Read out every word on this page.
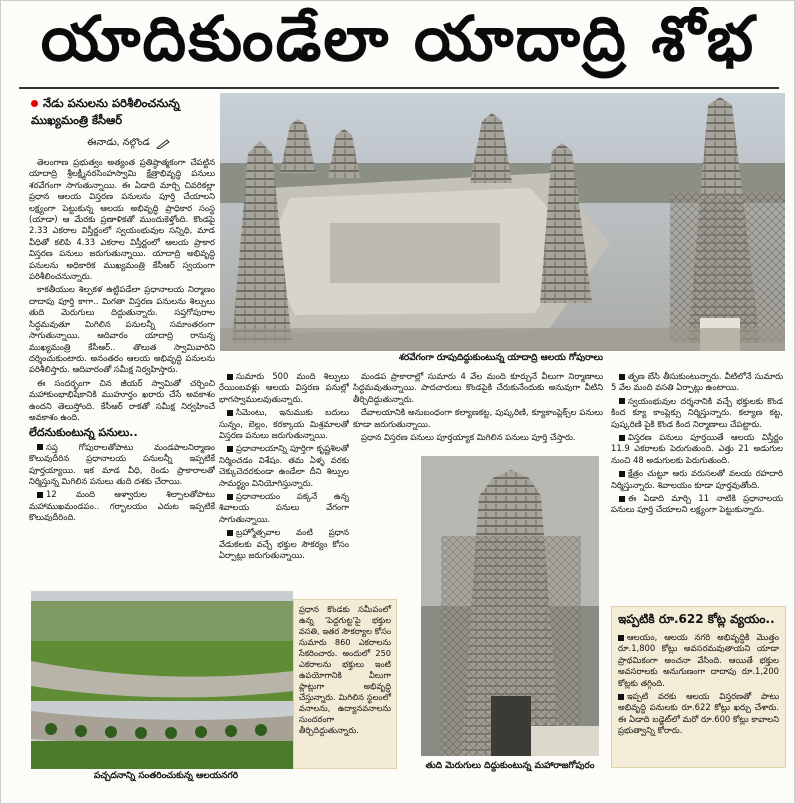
యాదికుండేలా యాదాద్రి శోభ
నేడు పనులను పరిశీలించనున్న ముఖ్యమంత్రి కేసీఆర్
ఈనాడు, నల్గొండ

తెలంగాణ ప్రభుత్వం అత్యంత ప్రతిష్ఠాత్మకంగా చేపట్టిన యాదాద్రి శ్రీలక్ష్మీనరసింహస్వామి క్షేత్రాభివృద్ధి పనులు శరవేగంగా సాగుతున్నాయి. ఈ ఏడాది మార్చి చివరికల్లా ప్రధాన ఆలయ విస్తరణ పనులను పూర్తి చేయాలని లక్ష్యంగా పెట్టుకున్న ఆలయ అభివృద్ధి ప్రాధికార సంస్థ (యాడా) ఆ మేరకు ప్రణాళికతో ముందుకెళ్తోంది. కొండపై 2.33 ఎకరాల విస్తీర్ణంలో స్వయంభువుల సన్నిధి, మాడ వీధితో కలిపి 4.33 ఎకరాల విస్తీర్ణంలో ఆలయ ప్రాకార విస్తరణ పనులు జరుగుతున్నాయి. యాదాద్రి అభివృద్ధి పనులను అధికారిక ముఖ్యమంత్రి కేసీఆర్ స్వయంగా పరిశీలించనున్నారు.

కాకతీయుల శిల్పకళ ఉట్టిపడేలా ప్రధానాలయ నిర్మాణం దాదాపు పూర్తి కాగా.. మిగతా విస్తరణ పనులను శిల్పులు తుది మెరుగులు దిద్దుతున్నారు. సప్తగోపురాల సిద్ధమవుతూ మిగిలిన పనులన్నీ సమాంతరంగా సాగుతున్నాయి. ఆదివారం యాదాద్రి రానున్న ముఖ్యమంత్రి కేసీఆర్.. తొలుత స్వామివారిని దర్శించుకుంటారు. అనంతరం ఆలయ అభివృద్ధి పనులను పరిశీలిస్తారు. ఆదివారంతో సమీక్ష నిర్వహిస్తారు.

ఈ సందర్భంగా చిన జీయర్ స్వామితో చర్చించి మహాకుంభాభిషేకానికి ముహూర్తం ఖరారు చేసే అవకాశం ఉందని తెలుస్తోంది. కేసీఆర్ రాకతో సమీక్ష నిర్వహించే అవకాశం ఉంది.

లేదనుకుంటున్న పనులు..

సప్త గోపురాలతోపాటు మండపాలనిర్మాణం కొలువుదీరిన ప్రధానాలయ పనులన్నీ ఇప్పటికే పూర్తయ్యాయి. ఇక మాడ వీధి, రెండు ప్రాకారాలతో నిర్మిస్తున్న మిగిలిన పనులు తుది దశకు చేరాయి.

12 మంది ఆళ్వారుల శిల్పాలతోపాటు మహాముఖమండపం.. గర్భాలయం ఎదుట ఇప్పటికే కొలువుదీరింది.

శరవేగంగా రూపుదిద్దుకుంటున్న యాదాద్రి ఆలయ గోపురాలు

సుమారు 500 మంది శిల్పులు రేయింబవళ్లు ఆలయ విస్తరణ పనుల్లో భాగస్వాములవుతున్నారు.

సిమెంటు, ఇనుముకు బదులు సున్నం, బెల్లం, కరక్కాయ మిశ్రమాలతో విస్తరణ పనులు జరుగుతున్నాయి.

ప్రధానాలయాన్ని పూర్తిగా కృష్ణశిలతో నిర్మించడం విశేషం. తమ ఏళ్ళ వరకు చెక్కుచెదరకుండా ఉండేలా దీని శిల్పుల సామర్థ్యం వినియోగిస్తున్నారు.

ప్రధానాలయం పక్కనే ఉన్న శివాలయ పనులు వేగంగా సాగుతున్నాయి.

బ్రహ్మోత్సవాల వంటి ప్రధాన వేడుకలకు వచ్చే భక్తుల సౌకర్యం కోసం ఏర్పాట్లు జరుగుతున్నాయి.

మండప ప్రాకారాల్లో సుమారు 4 వేల మంది కూర్చునే వీలుగా నిర్మాణాలు సిద్ధమవుతున్నాయి. పాదచారులు కొండపైకి చేరుకునేందుకు అనువుగా వీటిని తీర్చిదిద్దుతున్నారు.

దేవాలయానికి అనుబంధంగా కల్యాణకట్ట, పుష్కరిణి, క్యూకాంప్లెక్స్‌ల పనులు కూడా జరుగుతున్నాయి.

ప్రధాన విస్తరణ పనులు పూర్తయ్యాక మిగిలిన పనులు పూర్తి చేస్తారు.

తృణ బేసి తీసుకుంటున్నారు. వీటిలోనే సుమారు 5 వేల మంది వసతి ఏర్పాట్లు ఉంటాయి.

స్వయంభువుల దర్శనానికి వచ్చే భక్తులకు కొండ కింద క్యూ కాంప్లెక్సు నిర్మిస్తున్నారు. కల్యాణ కట్ట, పుష్కరిణి పైకి కొండ కింద నిర్మాణాలు చేపట్టారు.

విస్తరణ పనులు పూర్తయితే ఆలయ విస్తీర్ణం 11.9 ఎకరాలకు పెరుగుతుంది. ఎత్తు 21 అడుగుల నుంచి 48 అడుగులకు పెరుగుతుంది.

క్షేత్రం చుట్టూ ఆరు వరుసలతో వలయ రహదారి నిర్మిస్తున్నారు. శివాలయం కూడా పూర్తవుతోంది.

ఈ ఏడాది మార్చి 11 నాటికి ప్రధానాలయ పనులు పూర్తి చేయాలని లక్ష్యంగా పెట్టుకున్నారు.

తుది మెరుగులు దిద్దుకుంటున్న మహారాజగోపురం
ఇప్పటికి రూ.622 కోట్ల వ్యయం..

ఆలయం, ఆలయ నగరి అభివృద్ధికి మొత్తం రూ.1,800 కోట్లు అవసరమవుతాయని యాడా ప్రాథమికంగా అంచనా వేసింది. ఆయితే భక్తుల అవసరాలకు అనుగుణంగా దాదాపు రూ.1,200 కోట్లకు తగ్గింది.

ఇప్పటి వరకు ఆలయ విస్తరణతో పాటు అభివృద్ధి పనులకు రూ.622 కోట్లు ఖర్చు చేశారు. ఈ ఏడాది బడ్జెట్‌లో మరో రూ.600 కోట్లు కావాలని ప్రభుత్వాన్ని కోరారు.

పచ్చదనాన్ని సంతరించుకున్న ఆలయనగరి
ప్రధాన కొండకు సమీపంలో ఉన్న 'పెద్దగుట్ట'పై భక్తుల వసతి, ఇతర సౌకర్యాల కోసం సుమారు 860 ఎకరాలను సేకరించారు. అందులో 250 ఎకరాలను భక్తులు ఇంటి ఉపయోగానికి వీలుగా ప్లాట్లుగా అభివృద్ధి చేస్తున్నారు. మిగిలిన స్థలంలో వనాలను, ఉద్యానవనాలను సుందరంగా తీర్చిదిద్దుతున్నారు.
